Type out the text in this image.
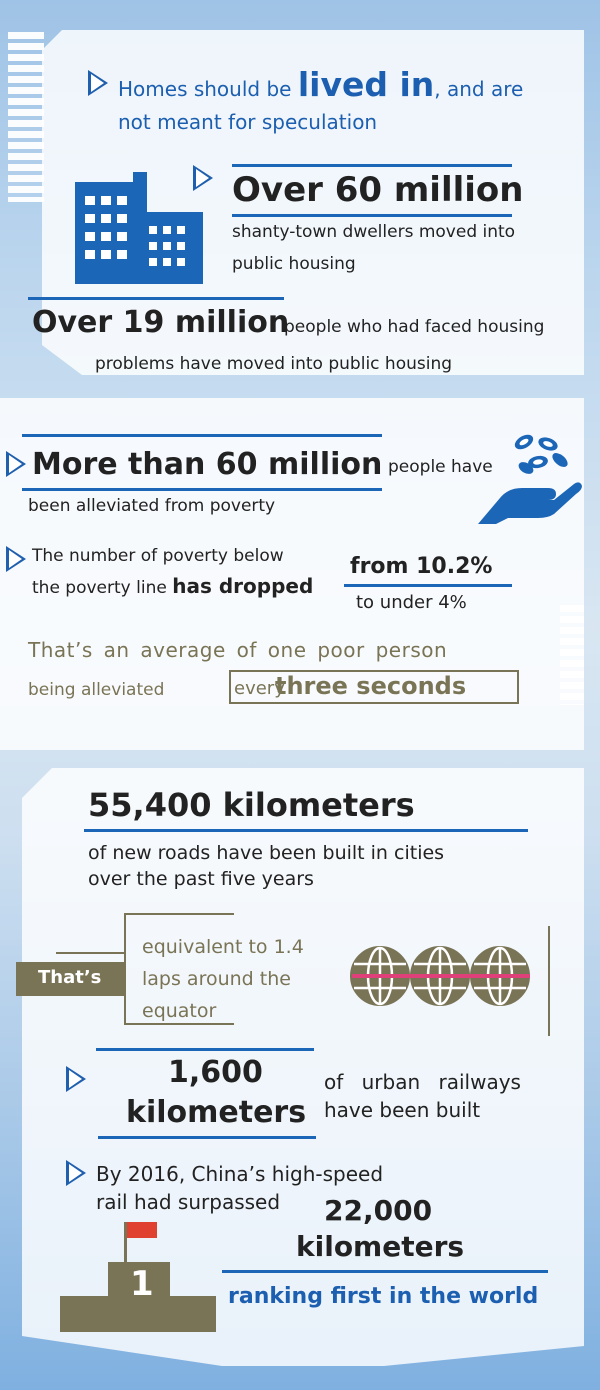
Homes should be lived in, and are
not meant for speculation
Over 60 million
shanty-town dwellers moved into
public housing
Over 19 million
people who had faced housing
problems have moved into public housing
More than 60 million people have
been alleviated from poverty
The number of poverty below
the poverty line has dropped
from 10.2%
to under 4%
That’s an average of one poor person
being alleviated	every
three seconds
55,400 kilometers
of new roads have been built in cities
over the past five years
That’s
equivalent to 1.4
laps around the
equator
1,600
kilometers
of urban railways
have been built
By 2016, China’s high-speed
rail had surpassed 22,000
kilometers
1	ranking first in the world
